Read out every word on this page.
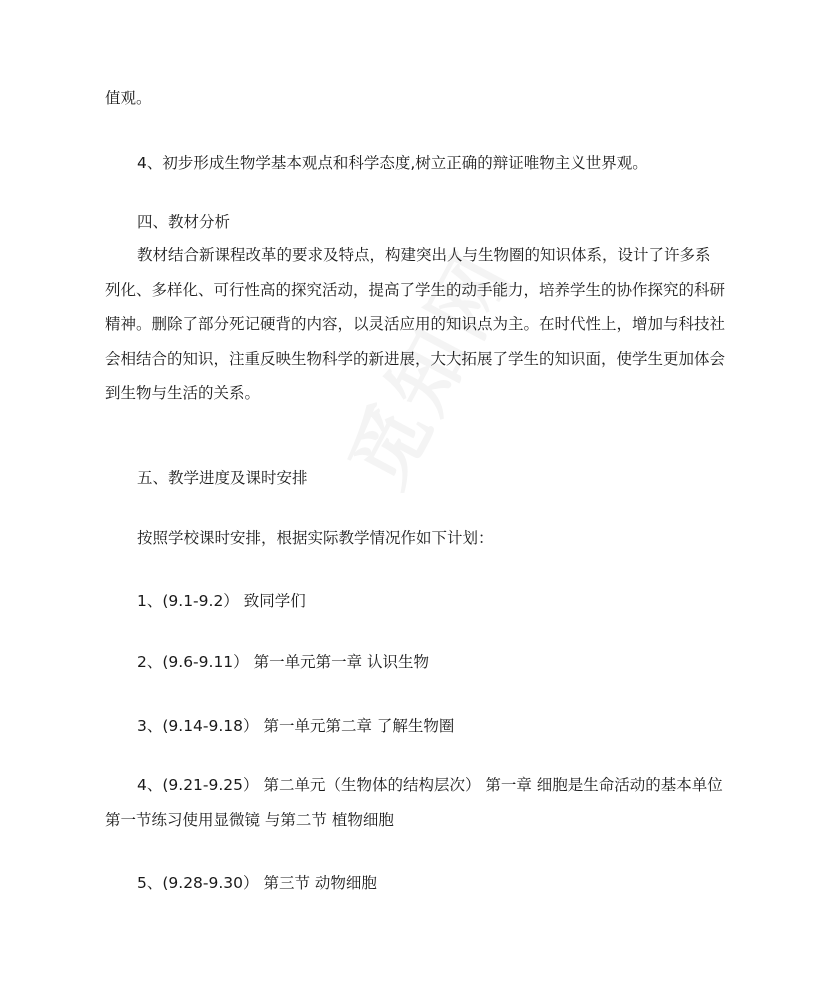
值观。

4、初步形成生物学基本观点和科学态度,树立正确的辩证唯物主义世界观。

四、教材分析

教材结合新课程改革的要求及特点，构建突出人与生物圈的知识体系，设计了许多系列化、多样化、可行性高的探究活动，提高了学生的动手能力，培养学生的协作探究的科研精神。删除了部分死记硬背的内容，以灵活应用的知识点为主。在时代性上，增加与科技社会相结合的知识，注重反映生物科学的新进展，大大拓展了学生的知识面，使学生更加体会到生物与生活的关系。

五、教学进度及课时安排

按照学校课时安排，根据实际教学情况作如下计划：

1、(9.1-9.2） 致同学们

2、(9.6-9.11） 第一单元第一章 认识生物

3、(9.14-9.18） 第一单元第二章 了解生物圈

4、(9.21-9.25） 第二单元（生物体的结构层次） 第一章 细胞是生命活动的基本单位 第一节练习使用显微镜 与第二节 植物细胞

5、(9.28-9.30） 第三节 动物细胞
